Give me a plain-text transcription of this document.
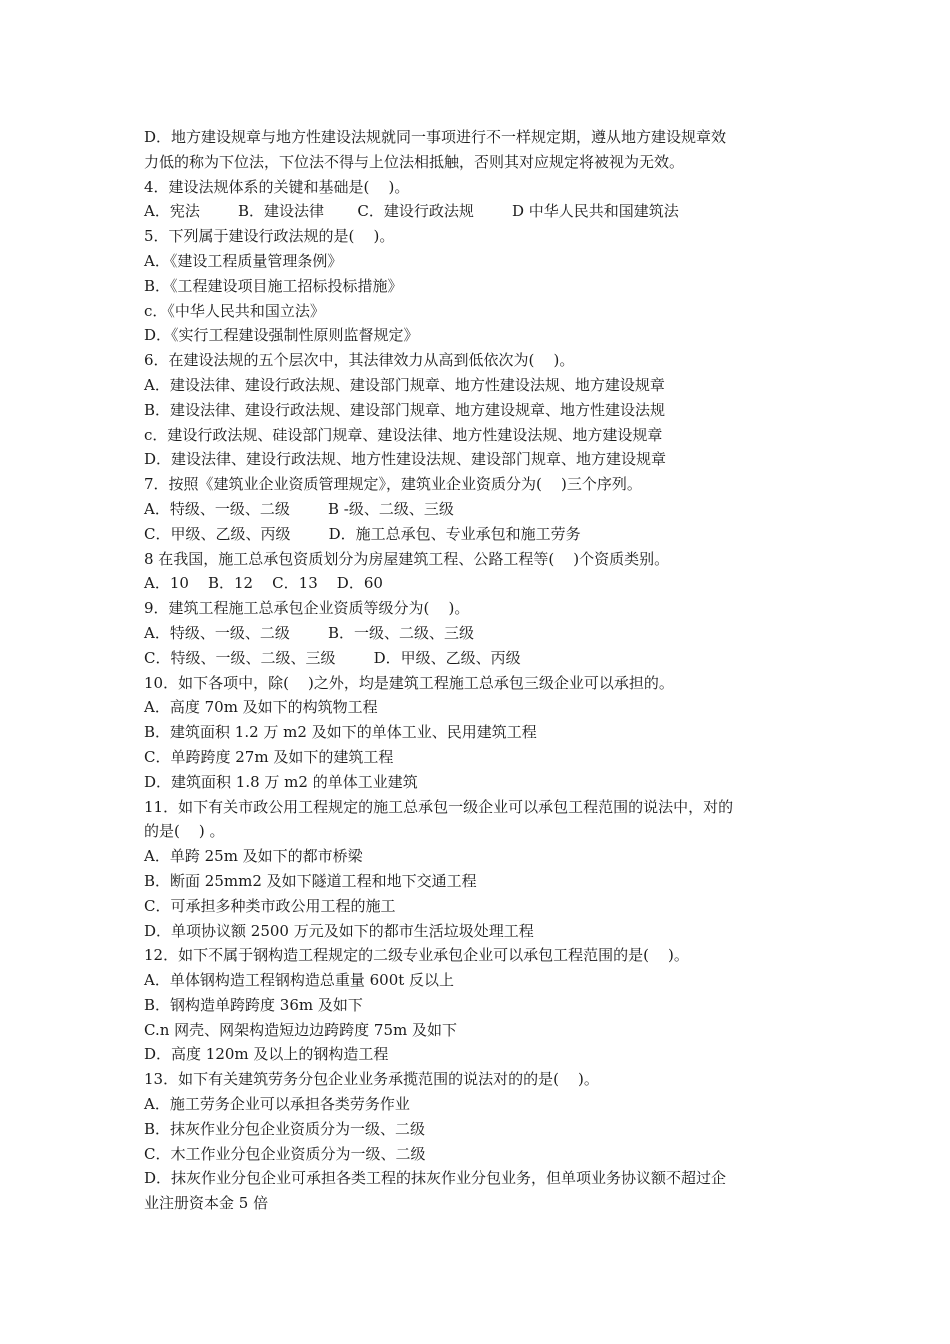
D．地方建设规章与地方性建设法规就同一事项进行不一样规定期，遵从地方建设规章效
力低的称为下位法，下位法不得与上位法相抵触，否则其对应规定将被视为无效。
4．建设法规体系的关键和基础是(    )。
A．宪法        B．建设法律       C．建设行政法规        D 中华人民共和国建筑法
5．下列属于建设行政法规的是(    )。
A．《建设工程质量管理条例》
B．《工程建设项目施工招标投标措施》
c．《中华人民共和国立法》
D．《实行工程建设强制性原则监督规定》
6．在建设法规的五个层次中，其法律效力从高到低依次为(    )。
A．建设法律、建设行政法规、建设部门规章、地方性建设法规、地方建设规章
B．建设法律、建设行政法规、建设部门规章、地方建设规章、地方性建设法规
c．建设行政法规、硅设部门规章、建设法律、地方性建设法规、地方建设规章
D．建设法律、建设行政法规、地方性建设法规、建设部门规章、地方建设规章
7．按照《建筑业企业资质管理规定》，建筑业企业资质分为(    )三个序列。
A．特级、一级、二级        B -级、二级、三级
C．甲级、乙级、丙级        D．施工总承包、专业承包和施工劳务
8 在我国，施工总承包资质划分为房屋建筑工程、公路工程等(    )个资质类别。
A．10    B．12    C．13    D．60
9．建筑工程施工总承包企业资质等级分为(    )。
A．特级、一级、二级        B．一级、二级、三级
C．特级、一级、二级、三级        D．甲级、乙级、丙级
10．如下各项中，除(    )之外，均是建筑工程施工总承包三级企业可以承担的。
A．高度 70m 及如下的构筑物工程
B．建筑面积 1.2 万 m2 及如下的单体工业、民用建筑工程
C．单跨跨度 27m 及如下的建筑工程
D．建筑面积 1.8 万 m2 的单体工业建筑
11．如下有关市政公用工程规定的施工总承包一级企业可以承包工程范围的说法中，对的
的是(    ) 。
A．单跨 25m 及如下的都市桥梁
B．断面 25mm2 及如下隧道工程和地下交通工程
C．可承担多种类市政公用工程的施工
D．单项协议额 2500 万元及如下的都市生活垃圾处理工程
12．如下不属于钢构造工程规定的二级专业承包企业可以承包工程范围的是(    )。
A．单体钢构造工程钢构造总重量 600t 反以上
B．钢构造单跨跨度 36m 及如下
C.n 网壳、网架构造短边边跨跨度 75m 及如下
D．高度 120m 及以上的钢构造工程
13．如下有关建筑劳务分包企业业务承揽范围的说法对的的是(    )。
A．施工劳务企业可以承担各类劳务作业
B．抹灰作业分包企业资质分为一级、二级
C．木工作业分包企业资质分为一级、二级
D．抹灰作业分包企业可承担各类工程的抹灰作业分包业务，但单项业务协议额不超过企
业注册资本金 5 倍
